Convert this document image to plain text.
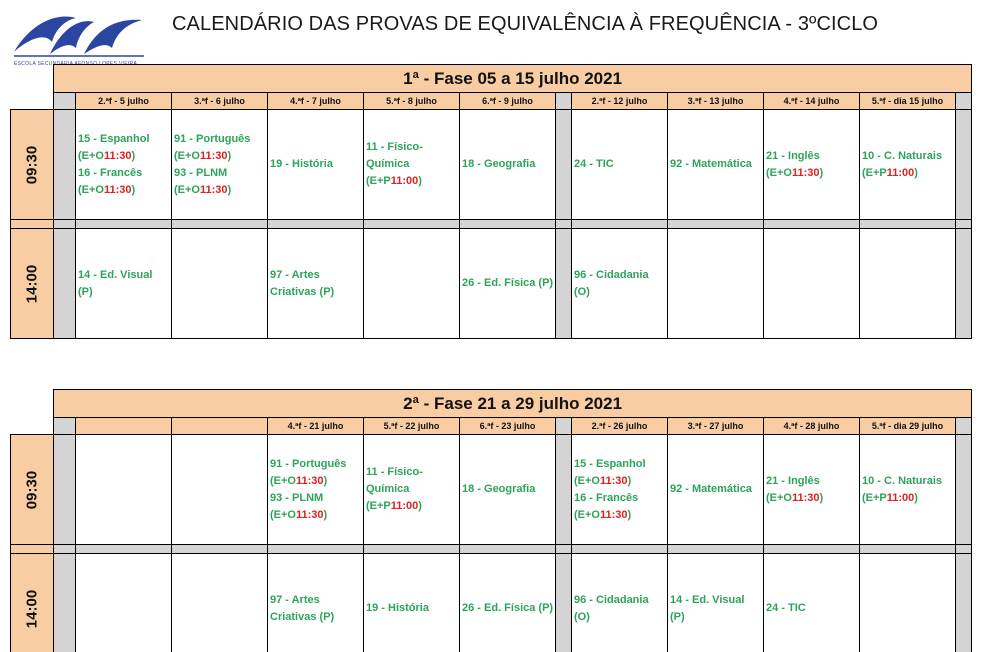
CALENDÁRIO DAS PROVAS DE EQUIVALÊNCIA À FREQUÊNCIA - 3ºCICLO
	1ª - Fase 05 a 15 julho 2021											
		2.ªf - 5 julho	3.ªf - 6 julho	4.ªf - 7 julho	5.ªf - 8 julho	6.ªf - 9 julho		2.ªf - 12 julho	3.ªf - 13 julho	4.ªf - 14 julho	5.ªf - dia 15 julho	

09:30		15 - Espanhol
(E+O11:30)
16 - Francês
(E+O11:30)	91 - Português
(E+O11:30)
93 - PLNM
(E+O11:30)	19 - História	11 - Físico-
Química
(E+P11:00)	18 - Geografia		24 - TIC	92 - Matemática	21 - Inglês
(E+O11:30)	10 - C. Naturais
(E+P11:00)	

14:00		14 - Ed. Visual
(P)		97 - Artes
Criativas (P)		26 - Ed. Física (P)		96 - Cidadania
(O)				

	2ª - Fase 21 a 29 julho 2021											
				4.ªf - 21 julho	5.ªf - 22 julho	6.ªf - 23 julho		2.ªf - 26 julho	3.ªf - 27 julho	4.ªf - 28 julho	5.ªf - dia 29 julho	

09:30				91 - Português
(E+O11:30)
93 - PLNM
(E+O11:30)	11 - Físico-
Química
(E+P11:00)	18 - Geografia		15 - Espanhol
(E+O11:30)
16 - Francês
(E+O11:30)	92 - Matemática	21 - Inglês
(E+O11:30)	10 - C. Naturais
(E+P11:00)	

14:00				97 - Artes
Criativas (P)	19 - História	26 - Ed. Física (P)		96 - Cidadania
(O)	14 - Ed. Visual
(P)	24 - TIC		
